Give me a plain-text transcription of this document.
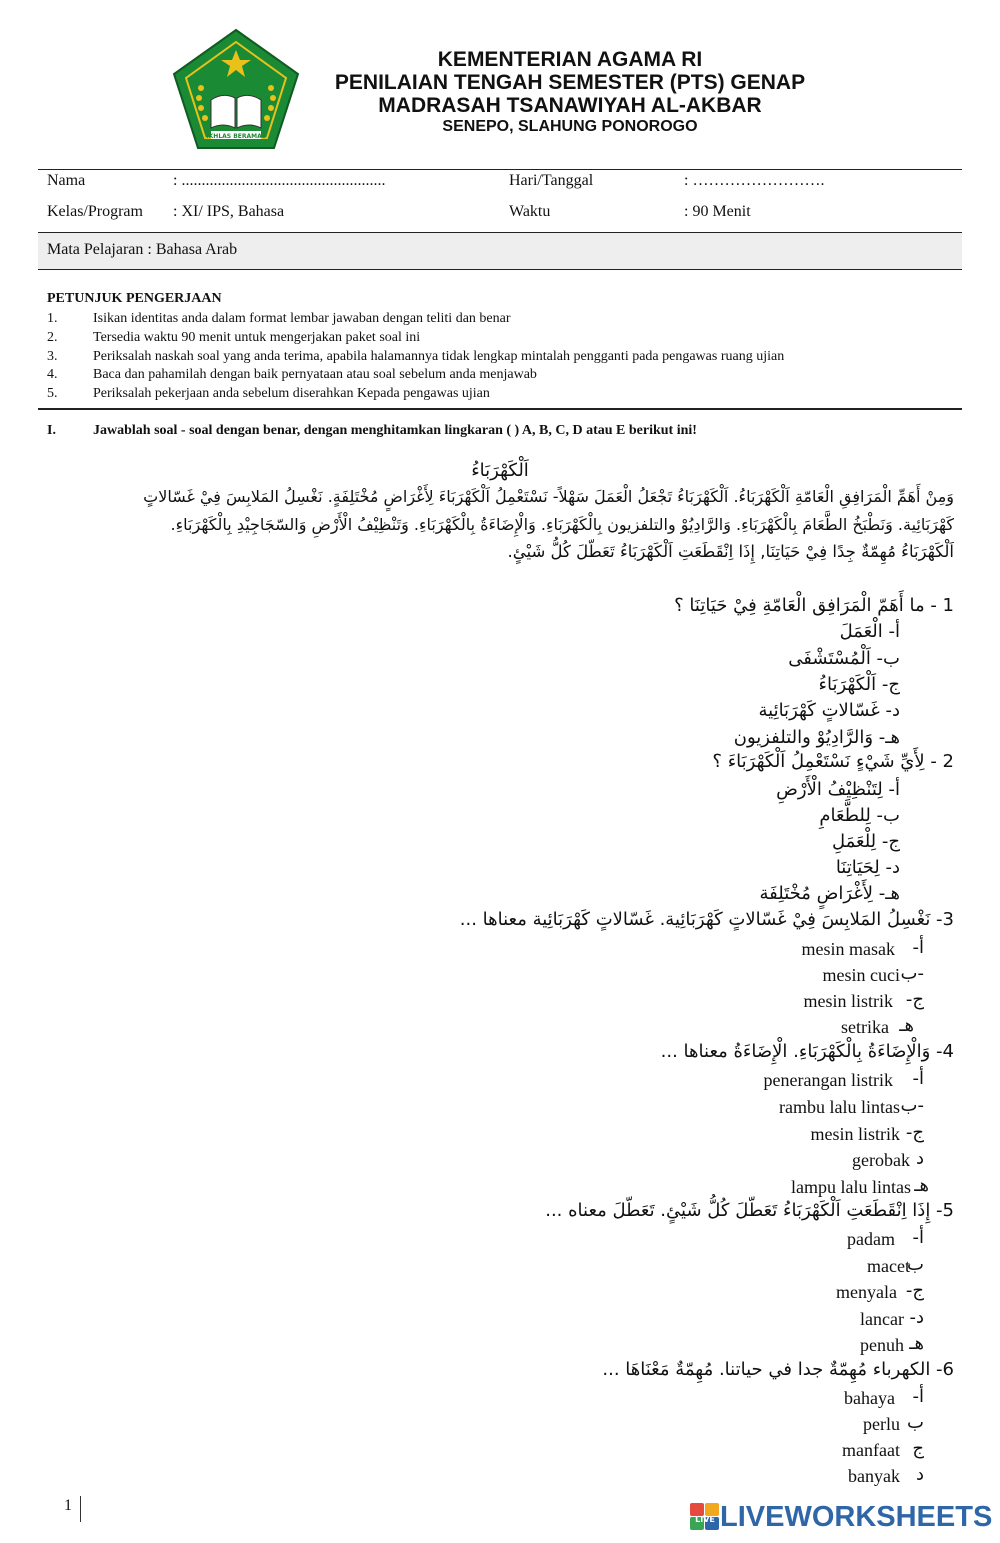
IKHLAS BERAMAL
KEMENTERIAN AGAMA RI
PENILAIAN TENGAH SEMESTER (PTS) GENAP
MADRASAH TSANAWIYAH AL-AKBAR
SENEPO, SLAHUNG PONOROGO
Nama	: ...................................................	Hari/Tanggal	: …………………….
Kelas/Program : XI/ IPS, Bahasa	Waktu	: 90 Menit
Mata Pelajaran : Bahasa Arab
PETUNJUK PENGERJAAN
1.	Isikan identitas anda dalam format lembar jawaban dengan teliti dan benar
2.	Tersedia waktu 90 menit untuk mengerjakan paket soal ini
3.	Periksalah naskah soal yang anda terima, apabila halamannya tidak lengkap mintalah pengganti pada pengawas ruang ujian
4.	Baca dan pahamilah dengan baik pernyataan atau soal sebelum anda menjawab
5.	Periksalah pekerjaan anda sebelum diserahkan Kepada pengawas ujian
I.	Jawablah soal - soal dengan benar, dengan menghitamkan lingkaran ( ) A, B, C, D atau E berikut ini!
اَلْكَهْرَبَاءُ
وَمِنْ أَهَمِّ الْمَرَافِقِ الْعَامّةِ اَلْكَهْرَبَاءُ. اَلْكَهْرَبَاءُ تَجْعَلُ الْعَمَلَ سَهْلاً- نَسْتَعْمِلُ اَلْكَهْرَبَاءَ لِأَغْرَاضٍ مُخْتَلِفَةٍ. نَغْسِلُ المَلابِسَ فِيْ غَسّالاتٍ
كَهْرَبَائِية. وَنَطْبَخُ الطَّعَامَ بِالْكَهْرَبَاءِ. وَالرَّادِيُوْ والتلفزيون بِالْكَهْرَبَاءِ. وَالْإِضَاءَةُ بِالْكَهْرَبَاءِ. وَتَنْظِيْفُ الْأَرْضِ وَالسّجَاجِيْدِ بِالْكَهْرَبَاءِ.
اَلْكَهْرَبَاءُ مُهِمّةٌ جِدًا فِيْ حَيَاتِنَا, إِذَا اِنْقَطَعَتِ اَلْكَهْرَبَاءُ تَعَطّلَ كُلُّ شَيْئٍ.
1 - ما أَهَمّ الْمَرَافِق الْعَامّةِ فِيْ حَيَاتِنَا ؟
أ- الْعَمَلَ
ب- اَلْمُسْتَشْفَى
ج- اَلْكَهْرَبَاءُ
د- غَسّالاتٍ كَهْرَبَائِية
هـ- وَالرَّادِيُوْ والتلفزيون
2 - لِأَيِّ شَيْءٍ نَسْتَعْمِلُ اَلْكَهْرَبَاءَ ؟
أ- لِتَنْظِيْفُ الْأَرْضِ
ب- لِلطَّعَامِ
ج- لِلْعَمَلِ
د- لِحَيَاتِنَا
هـ- لِأَغْرَاضٍ مُخْتَلِفَة
3- نَغْسِلُ المَلابِسَ فِيْ غَسّالاتٍ كَهْرَبَائِية. غَسّالاتٍ كَهْرَبَائِية معناها ...
mesin masak أ-
mesin cuci -ب
mesin listrik ج-
setrika هـ
4- وَالْإِضَاءَةُ بِالْكَهْرَبَاءِ. الْإِضَاءَةُ معناها ...
penerangan listrik أ-
rambu lalu lintas -ب
mesin listrik ج-
gerobak د
lampu lalu lintas هـ
5- إِذَا اِنْقَطَعَتِ اَلْكَهْرَبَاءُ تَعَطّلَ كُلُّ شَيْئٍ. تَعَطّلَ معناه ...
padam أ-
macet
ب
menyala ج-
lancar د-
penuh هـ
6- الكهرباء مُهِمّةٌ جدا في حياتنا. مُهِمّةٌ مَعْنَاهَا ...
bahaya أ-
perlu ب
manfaat ج
banyak د
1
LIVE LIVEWORKSHEETS
